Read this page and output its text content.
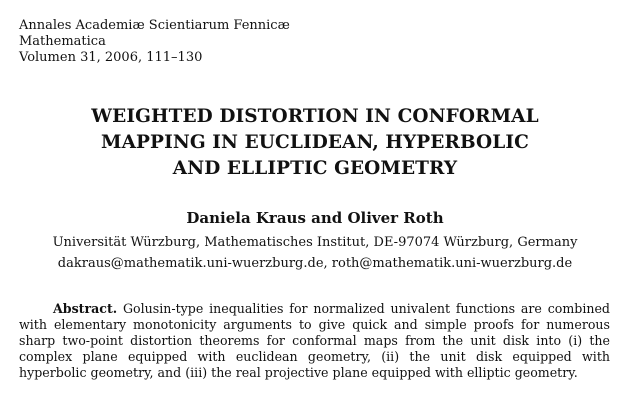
Annales Academiæ Scientiarum Fennicæ
Mathematica
Volumen 31, 2006, 111–130
WEIGHTED DISTORTION IN CONFORMAL
MAPPING IN EUCLIDEAN, HYPERBOLIC
AND ELLIPTIC GEOMETRY
Daniela Kraus and Oliver Roth
Universität Würzburg, Mathematisches Institut, DE-97074 Würzburg, Germany
dakraus@mathematik.uni-wuerzburg.de, roth@mathematik.uni-wuerzburg.de
Abstract. Golusin-type inequalities for normalized univalent functions are combined with elementary monotonicity arguments to give quick and simple proofs for numerous sharp two-point distortion theorems for conformal maps from the unit disk into (i) the complex plane equipped with euclidean geometry, (ii) the unit disk equipped with hyperbolic geometry, and (iii) the real projective plane equipped with elliptic geometry.
